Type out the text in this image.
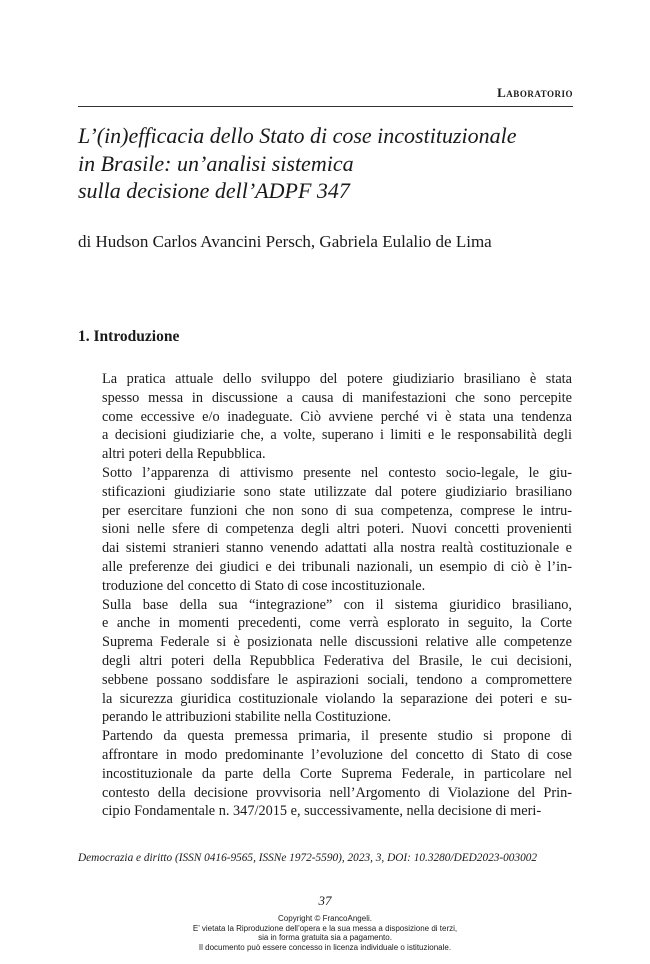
Laboratorio
L’(in)efficacia dello Stato di cose incostituzionale
in Brasile: un’analisi sistemica
sulla decisione dell’ADPF 347
di Hudson Carlos Avancini Persch, Gabriela Eulalio de Lima
1. Introduzione

La pratica attuale dello sviluppo del potere giudiziario brasiliano è stata
spesso messa in discussione a causa di manifestazioni che sono percepite
come eccessive e/o inadeguate. Ciò avviene perché vi è stata una tendenza
a decisioni giudiziarie che, a volte, superano i limiti e le responsabilità degli
altri poteri della Repubblica.

Sotto l’apparenza di attivismo presente nel contesto socio-legale, le giu-
stificazioni giudiziarie sono state utilizzate dal potere giudiziario brasiliano
per esercitare funzioni che non sono di sua competenza, comprese le intru-
sioni nelle sfere di competenza degli altri poteri. Nuovi concetti provenienti
dai sistemi stranieri stanno venendo adattati alla nostra realtà costituzionale e
alle preferenze dei giudici e dei tribunali nazionali, un esempio di ciò è l’in-
troduzione del concetto di Stato di cose incostituzionale.

Sulla base della sua “integrazione” con il sistema giuridico brasiliano,
e anche in momenti precedenti, come verrà esplorato in seguito, la Corte
Suprema Federale si è posizionata nelle discussioni relative alle competenze
degli altri poteri della Repubblica Federativa del Brasile, le cui decisioni,
sebbene possano soddisfare le aspirazioni sociali, tendono a compromettere
la sicurezza giuridica costituzionale violando la separazione dei poteri e su-
perando le attribuzioni stabilite nella Costituzione.

Partendo da questa premessa primaria, il presente studio si propone di
affrontare in modo predominante l’evoluzione del concetto di Stato di cose
incostituzionale da parte della Corte Suprema Federale, in particolare nel
contesto della decisione provvisoria nell’Argomento di Violazione del Prin-
cipio Fondamentale n. 347/2015 e, successivamente, nella decisione di meri-

Democrazia e diritto (ISSN 0416-9565, ISSNe 1972-5590), 2023, 3, DOI: 10.3280/DED2023-003002
37
Copyright © FrancoAngeli.
E’ vietata la Riproduzione dell’opera e la sua messa a disposizione di terzi,
sia in forma gratuita sia a pagamento.
Il documento può essere concesso in licenza individuale o istituzionale.
